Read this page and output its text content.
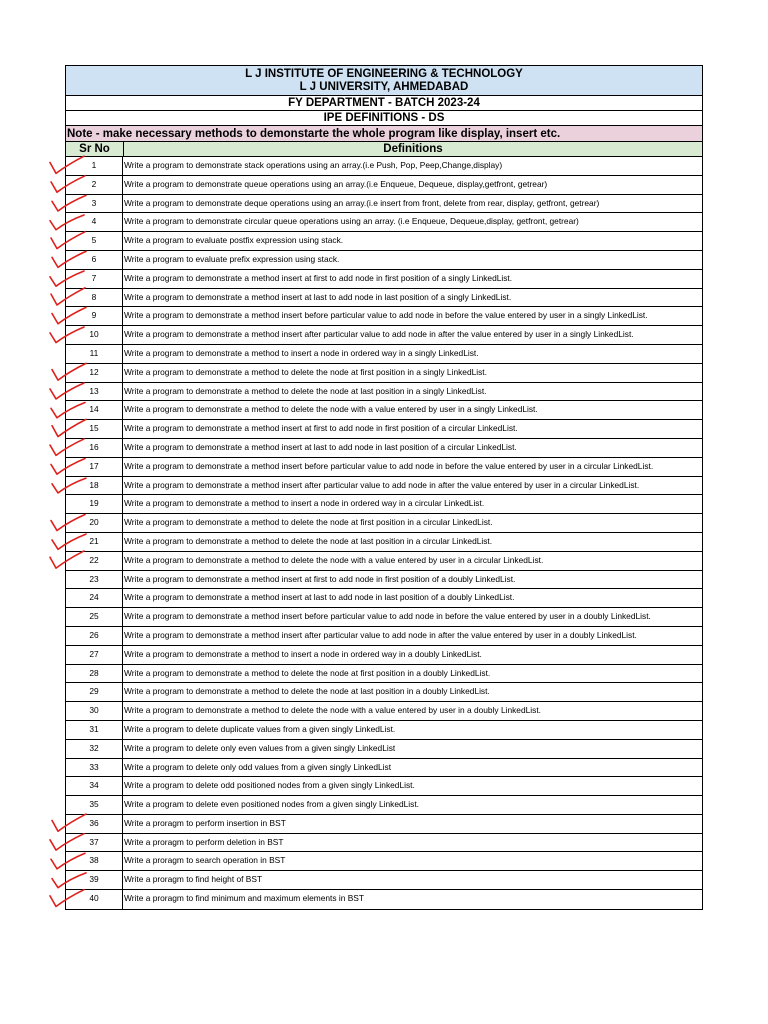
L J INSTITUTE OF ENGINEERING & TECHNOLOGY
L J UNIVERSITY, AHMEDABAD
FY DEPARTMENT - BATCH 2023-24
IPE DEFINITIONS - DS
Note - make necessary methods to demonstarte the whole program like display, insert etc.
Sr No	Definitions
1	Write a program to demonstrate stack operations using an array.(i.e Push, Pop, Peep,Change,display)
2	Write a program to demonstrate queue operations using an array.(i.e Enqueue, Dequeue, display,getfront, getrear)
3	Write a program to demonstrate deque operations using an array.(i.e insert from front, delete from rear, display, getfront, getrear)
4	Write a program to demonstrate circular queue operations using an array. (i.e Enqueue, Dequeue,display, getfront, getrear)
5	Write a program to evaluate postfix expression using stack.
6	Write a program to evaluate prefix expression using stack.
7	Write a program to demonstrate a method insert at first to add node in first position of a singly LinkedList.
8	Write a program to demonstrate a method insert at last to add node in last position of a singly LinkedList.
9	Write a program to demonstrate a method insert before particular value to add node in before the value entered by user in a singly LinkedList.
10	Write a program to demonstrate a method insert after particular value to add node in after the value entered by user in a singly LinkedList.
11	Write a program to demonstrate a method to insert a node in ordered way in a singly LinkedList.
12	Write a program to demonstrate a method to delete the node at first position in a singly LinkedList.
13	Write a program to demonstrate a method to delete the node at last position in a singly LinkedList.
14	Write a program to demonstrate a method to delete the node with a value entered by user in a singly LinkedList.
15	Write a program to demonstrate a method insert at first to add node in first position of a circular LinkedList.
16	Write a program to demonstrate a method insert at last to add node in last position of a circular LinkedList.
17	Write a program to demonstrate a method insert before particular value to add node in before the value entered by user in a circular LinkedList.
18	Write a program to demonstrate a method insert after particular value to add node in after the value entered by user in a circular LinkedList.
19	Write a program to demonstrate a method to insert a node in ordered way in a circular LinkedList.
20	Write a program to demonstrate a method to delete the node at first position in a circular LinkedList.
21	Write a program to demonstrate a method to delete the node at last position in a circular LinkedList.
22	Write a program to demonstrate a method to delete the node with a value entered by user in a circular LinkedList.
23	Write a program to demonstrate a method insert at first to add node in first position of a doubly LinkedList.
24	Write a program to demonstrate a method insert at last to add node in last position of a doubly LinkedList.
25	Write a program to demonstrate a method insert before particular value to add node in before the value entered by user in a doubly LinkedList.
26	Write a program to demonstrate a method insert after particular value to add node in after the value entered by user in a doubly LinkedList.
27	Write a program to demonstrate a method to insert a node in ordered way in a doubly LinkedList.
28	Write a program to demonstrate a method to delete the node at first position in a doubly LinkedList.
29	Write a program to demonstrate a method to delete the node at last position in a doubly LinkedList.
30	Write a program to demonstrate a method to delete the node with a value entered by user in a doubly LinkedList.
31	Write a program to delete duplicate values from a given singly LinkedList.
32	Write a program to delete only even values from a given singly LinkedList
33	Write a program to delete only odd values from a given singly LinkedList
34	Write a program to delete odd positioned nodes from a given singly LinkedList.
35	Write a program to delete even positioned nodes from a given singly LinkedList.
36	Write a proragm to perform insertion in BST
37	Write a proragm to perform deletion in BST
38	Write a proragm to search operation in BST
39	Write a proragm to find height of BST
40	Write a proragm to find minimum and maximum elements in BST
